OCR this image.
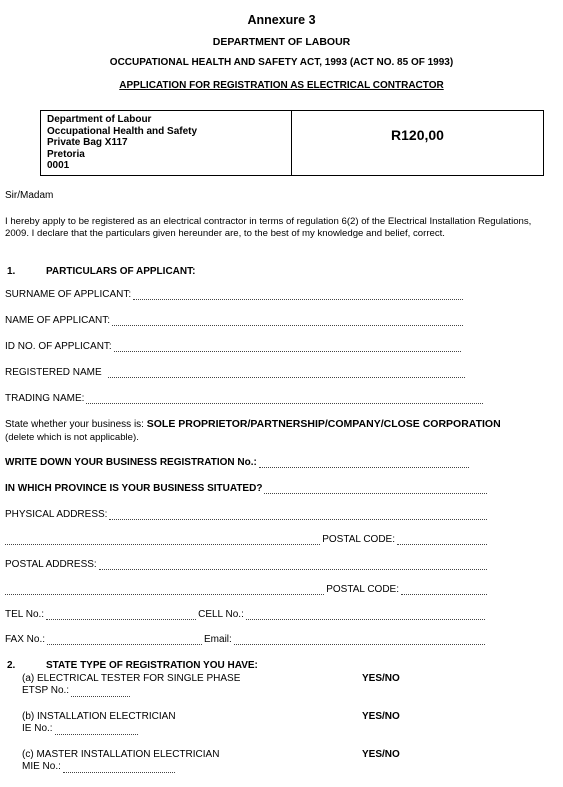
Annexure 3
DEPARTMENT OF LABOUR
OCCUPATIONAL HEALTH AND SAFETY ACT, 1993 (ACT NO. 85 OF 1993)
APPLICATION FOR REGISTRATION AS ELECTRICAL CONTRACTOR
Department of Labour
Occupational Health and Safety
Private Bag X117
Pretoria
0001
R120,00
Sir/Madam
I hereby apply to be registered as an electrical contractor in terms of regulation 6(2) of the Electrical Installation Regulations, 2009. I declare that the particulars given hereunder are, to the best of my knowledge and belief, correct.
1.	PARTICULARS OF APPLICANT:
SURNAME OF APPLICANT:
NAME OF APPLICANT:
ID NO. OF APPLICANT:
REGISTERED NAME
TRADING NAME:
State whether your business is: SOLE PROPRIETOR/PARTNERSHIP/COMPANY/CLOSE CORPORATION
(delete which is not applicable).
WRITE DOWN YOUR BUSINESS REGISTRATION No.:
IN WHICH PROVINCE IS YOUR BUSINESS SITUATED?
PHYSICAL ADDRESS:
POSTAL CODE:
POSTAL ADDRESS:
POSTAL CODE:
TEL No.:	CELL No.:
FAX No.:	Email:
2.	STATE TYPE OF REGISTRATION YOU HAVE:
(a) ELECTRICAL TESTER FOR SINGLE PHASE
ETSP No.:
YES/NO
(b) INSTALLATION ELECTRICIAN
IE No.:
YES/NO
(c) MASTER INSTALLATION ELECTRICIAN
MIE No.:
YES/NO
